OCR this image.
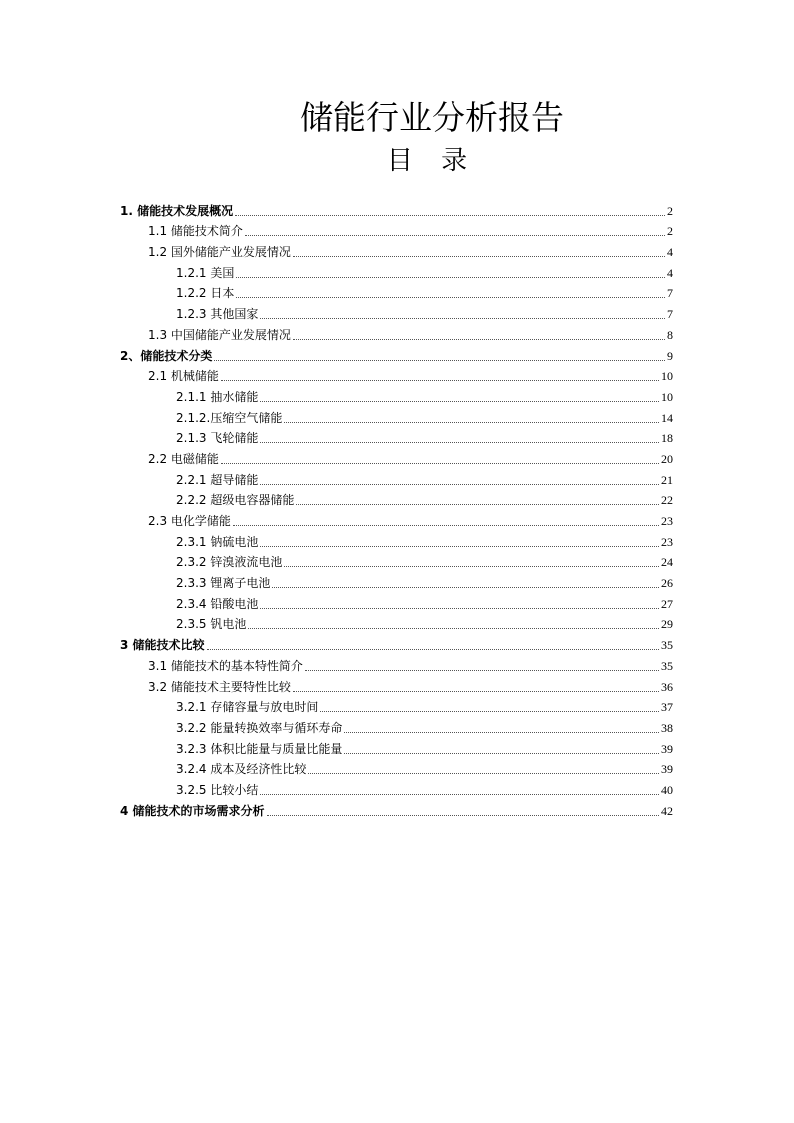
储能行业分析报告
目 录
1. 储能技术发展概况	2
1.1 储能技术简介	2
1.2 国外储能产业发展情况	4
1.2.1 美国	4
1.2.2 日本	7
1.2.3 其他国家	7
1.3 中国储能产业发展情况	8
2、储能技术分类	9
2.1 机械储能	10
2.1.1 抽水储能	10
2.1.2.压缩空气储能	14
2.1.3 飞轮储能	18
2.2 电磁储能	20
2.2.1 超导储能	21
2.2.2 超级电容器储能	22
2.3 电化学储能	23
2.3.1 钠硫电池	23
2.3.2 锌溴液流电池	24
2.3.3 锂离子电池	26
2.3.4 铅酸电池	27
2.3.5 钒电池	29
3 储能技术比较	35
3.1 储能技术的基本特性简介	35
3.2 储能技术主要特性比较	36
3.2.1 存储容量与放电时间	37
3.2.2 能量转换效率与循环寿命	38
3.2.3 体积比能量与质量比能量	39
3.2.4 成本及经济性比较	39
3.2.5 比较小结	40
4 储能技术的市场需求分析	42
